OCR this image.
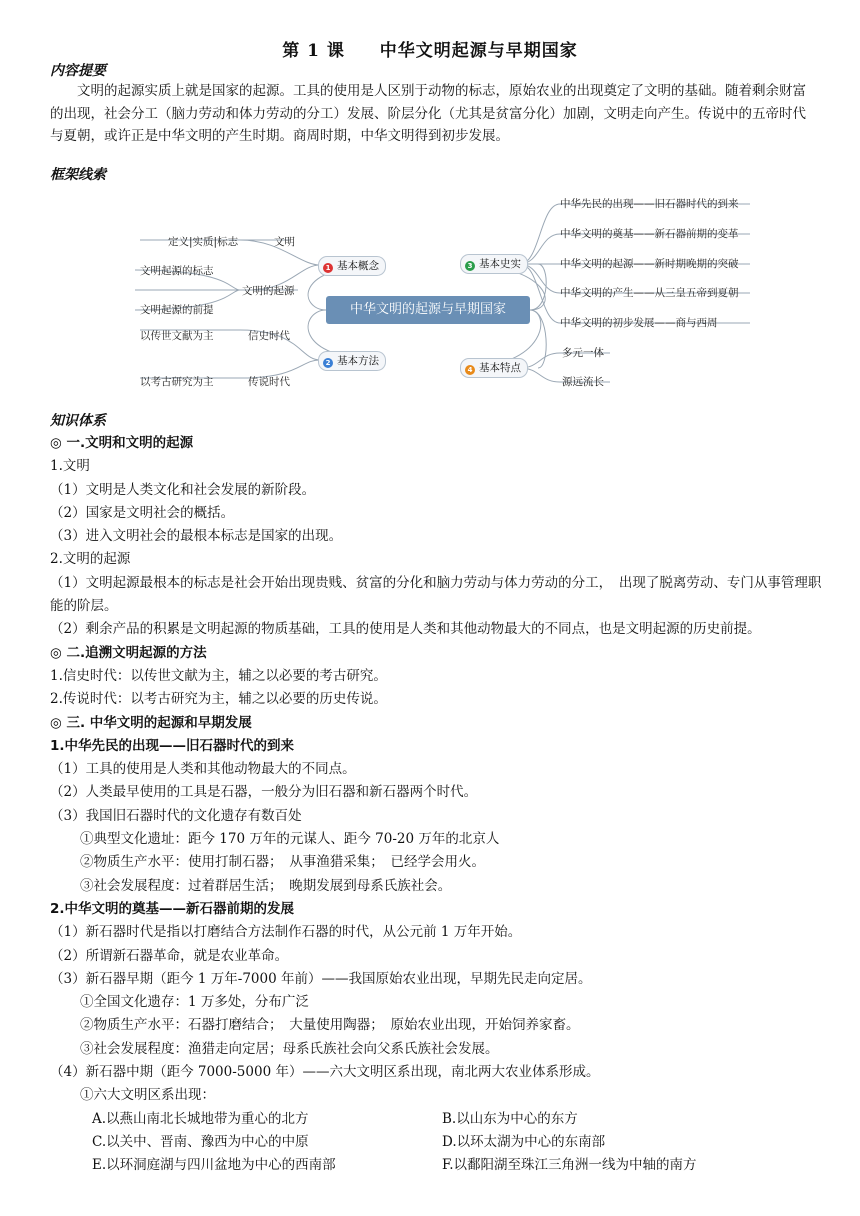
第 1 课 中华文明起源与早期国家
内容提要
文明的起源实质上就是国家的起源。工具的使用是人区别于动物的标志，原始农业的出现奠定了文明的基础。随着剩余财富的出现，社会分工（脑力劳动和体力劳动的分工）发展、阶层分化（尤其是贫富分化）加剧，文明走向产生。传说中的五帝时代与夏朝，或许正是中华文明的产生时期。商周时期，中华文明得到初步发展。
框架线索
中华文明的起源与早期国家
1 基本概念
文明
定义|实质|标志
文明的起源
文明起源的标志
文明起源的前提
2 基本方法
信史时代
以传世文献为主
传说时代
以考古研究为主
3 基本史实
中华先民的出现——旧石器时代的到来
中华文明的奠基——新石器前期的变革
中华文明的起源——新时期晚期的突破
中华文明的产生——从三皇五帝到夏朝
中华文明的初步发展——商与西周
4 基本特点
多元一体
源远流长
知识体系
◎ 一.文明和文明的起源
1.文明
（1）文明是人类文化和社会发展的新阶段。
（2）国家是文明社会的概括。
（3）进入文明社会的最根本标志是国家的出现。
2.文明的起源
（1）文明起源最根本的标志是社会开始出现贵贱、贫富的分化和脑力劳动与体力劳动的分工，　出现了脱离劳动、专门从事管理职能的阶层。
（2）剩余产品的积累是文明起源的物质基础，工具的使用是人类和其他动物最大的不同点，也是文明起源的历史前提。
◎ 二.追溯文明起源的方法
1.信史时代：以传世文献为主，辅之以必要的考古研究。
2.传说时代：以考古研究为主，辅之以必要的历史传说。
◎ 三. 中华文明的起源和早期发展
1.中华先民的出现——旧石器时代的到来
（1）工具的使用是人类和其他动物最大的不同点。
（2）人类最早使用的工具是石器，一般分为旧石器和新石器两个时代。
（3）我国旧石器时代的文化遗存有数百处
①典型文化遗址：距今 170 万年的元谋人、距今 70-20 万年的北京人
②物质生产水平：使用打制石器；　从事渔猎采集；　已经学会用火。
③社会发展程度：过着群居生活；　晚期发展到母系氏族社会。
2.中华文明的奠基——新石器前期的发展
（1）新石器时代是指以打磨结合方法制作石器的时代，从公元前 1 万年开始。
（2）所谓新石器革命，就是农业革命。
（3）新石器早期（距今 1 万年-7000 年前）——我国原始农业出现，早期先民走向定居。
①全国文化遗存：1 万多处，分布广泛
②物质生产水平：石器打磨结合；　大量使用陶器；　原始农业出现，开始饲养家畜。
③社会发展程度：渔猎走向定居；母系氏族社会向父系氏族社会发展。
（4）新石器中期（距今 7000-5000 年）——六大文明区系出现，南北两大农业体系形成。
①六大文明区系出现：
A.以燕山南北长城地带为重心的北方	B.以山东为中心的东方
C.以关中、晋南、豫西为中心的中原	D.以环太湖为中心的东南部
E.以环洞庭湖与四川盆地为中心的西南部	F.以鄱阳湖至珠江三角洲一线为中轴的南方
